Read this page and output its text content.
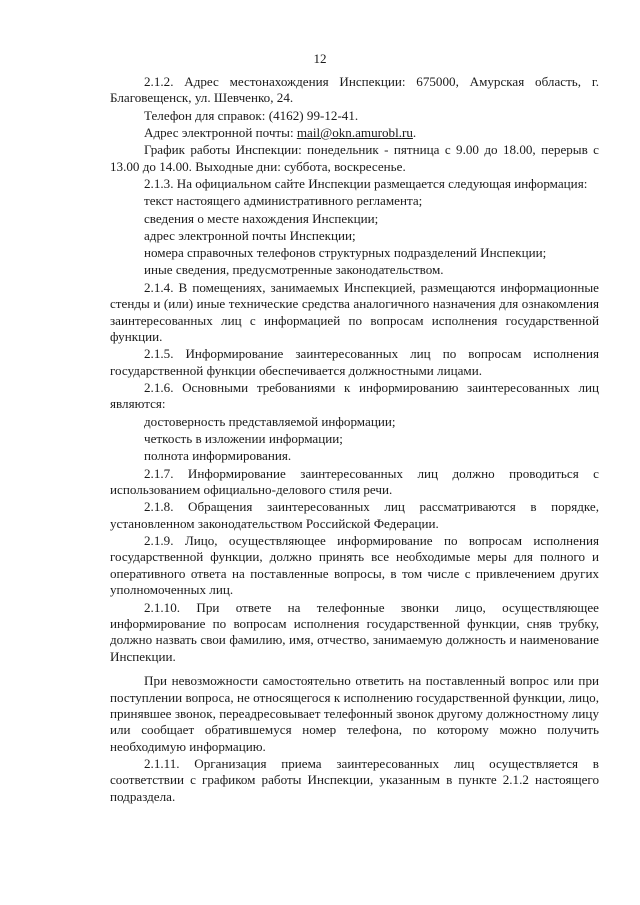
12
2.1.2. Адрес местонахождения Инспекции: 675000, Амурская область, г. Благовещенск, ул. Шевченко, 24.
Телефон для справок: (4162) 99-12-41.
Адрес электронной почты: mail@okn.amurobl.ru.
График работы Инспекции: понедельник - пятница с 9.00 до 18.00, перерыв с 13.00 до 14.00. Выходные дни: суббота, воскресенье.
2.1.3. На официальном сайте Инспекции размещается следующая информация:
текст настоящего административного регламента;
сведения о месте нахождения Инспекции;
адрес электронной почты Инспекции;
номера справочных телефонов структурных подразделений Инспекции;
иные сведения, предусмотренные законодательством.
2.1.4. В помещениях, занимаемых Инспекцией, размещаются информационные стенды и (или) иные технические средства аналогичного назначения для ознакомления заинтересованных лиц с информацией по вопросам исполнения государственной функции.
2.1.5. Информирование заинтересованных лиц по вопросам исполнения государственной функции обеспечивается должностными лицами.
2.1.6. Основными требованиями к информированию заинтересованных лиц являются:
достоверность представляемой информации;
четкость в изложении информации;
полнота информирования.
2.1.7. Информирование заинтересованных лиц должно проводиться с использованием официально-делового стиля речи.
2.1.8. Обращения заинтересованных лиц рассматриваются в порядке, установленном законодательством Российской Федерации.
2.1.9. Лицо, осуществляющее информирование по вопросам исполнения государственной функции, должно принять все необходимые меры для полного и оперативного ответа на поставленные вопросы, в том числе с привлечением других уполномоченных лиц.
2.1.10. При ответе на телефонные звонки лицо, осуществляющее информирование по вопросам исполнения государственной функции, сняв трубку, должно назвать свои фамилию, имя, отчество, занимаемую должность и наименование Инспекции.
При невозможности самостоятельно ответить на поставленный вопрос или при поступлении вопроса, не относящегося к исполнению государственной функции, лицо, принявшее звонок, переадресовывает телефонный звонок другому должностному лицу или сообщает обратившемуся номер телефона, по которому можно получить необходимую информацию.
2.1.11. Организация приема заинтересованных лиц осуществляется в соответствии с графиком работы Инспекции, указанным в пункте 2.1.2 настоящего подраздела.
